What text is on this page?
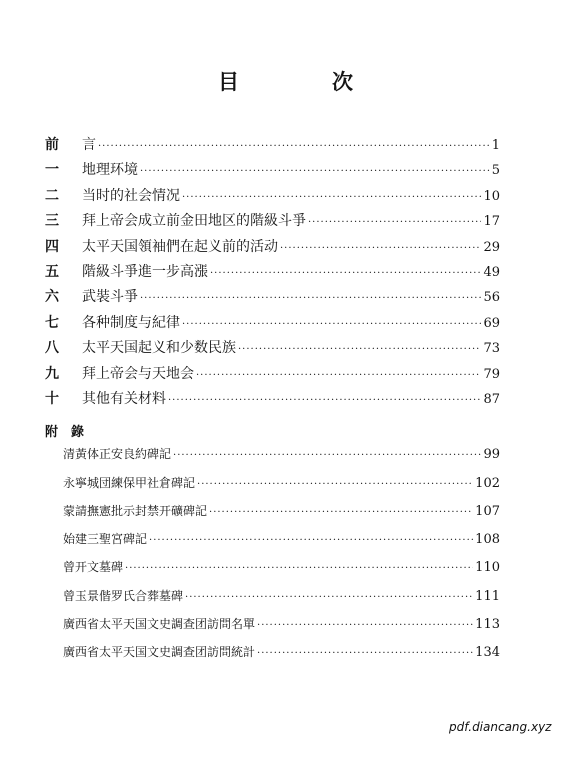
目　次
前	言 ·····	1
一	地理环境 ·····	5
二	当时的社会情况 ·····	10
三	拜上帝会成立前金田地区的階級斗爭 ·····	17
四	太平天国領袖們在起义前的活动 ·····	29
五	階級斗爭進一步高漲 ·····	49
六	武裝斗爭 ·····	56
七	各种制度与紀律 ·····	69
八	太平天国起义和少数民族 ·····	73
九	拜上帝会与天地会 ·····	79
十	其他有关材料 ·····	87
附　錄
清黃体正安良約碑記 ·····	99
永寧城団練保甲社倉碑記 ·····	102
蒙請撫憲批示封禁开礦碑記 ·····	107
始建三聖宮碑記 ·····	108
曾开文墓碑 ·····	110
曾玉景偕罗氏合葬墓碑 ·····	111
廣西省太平天国文史調查团訪問名單 ·····	113
廣西省太平天国文史調查团訪問統計 ·····	134
pdf.diancang.xyz
